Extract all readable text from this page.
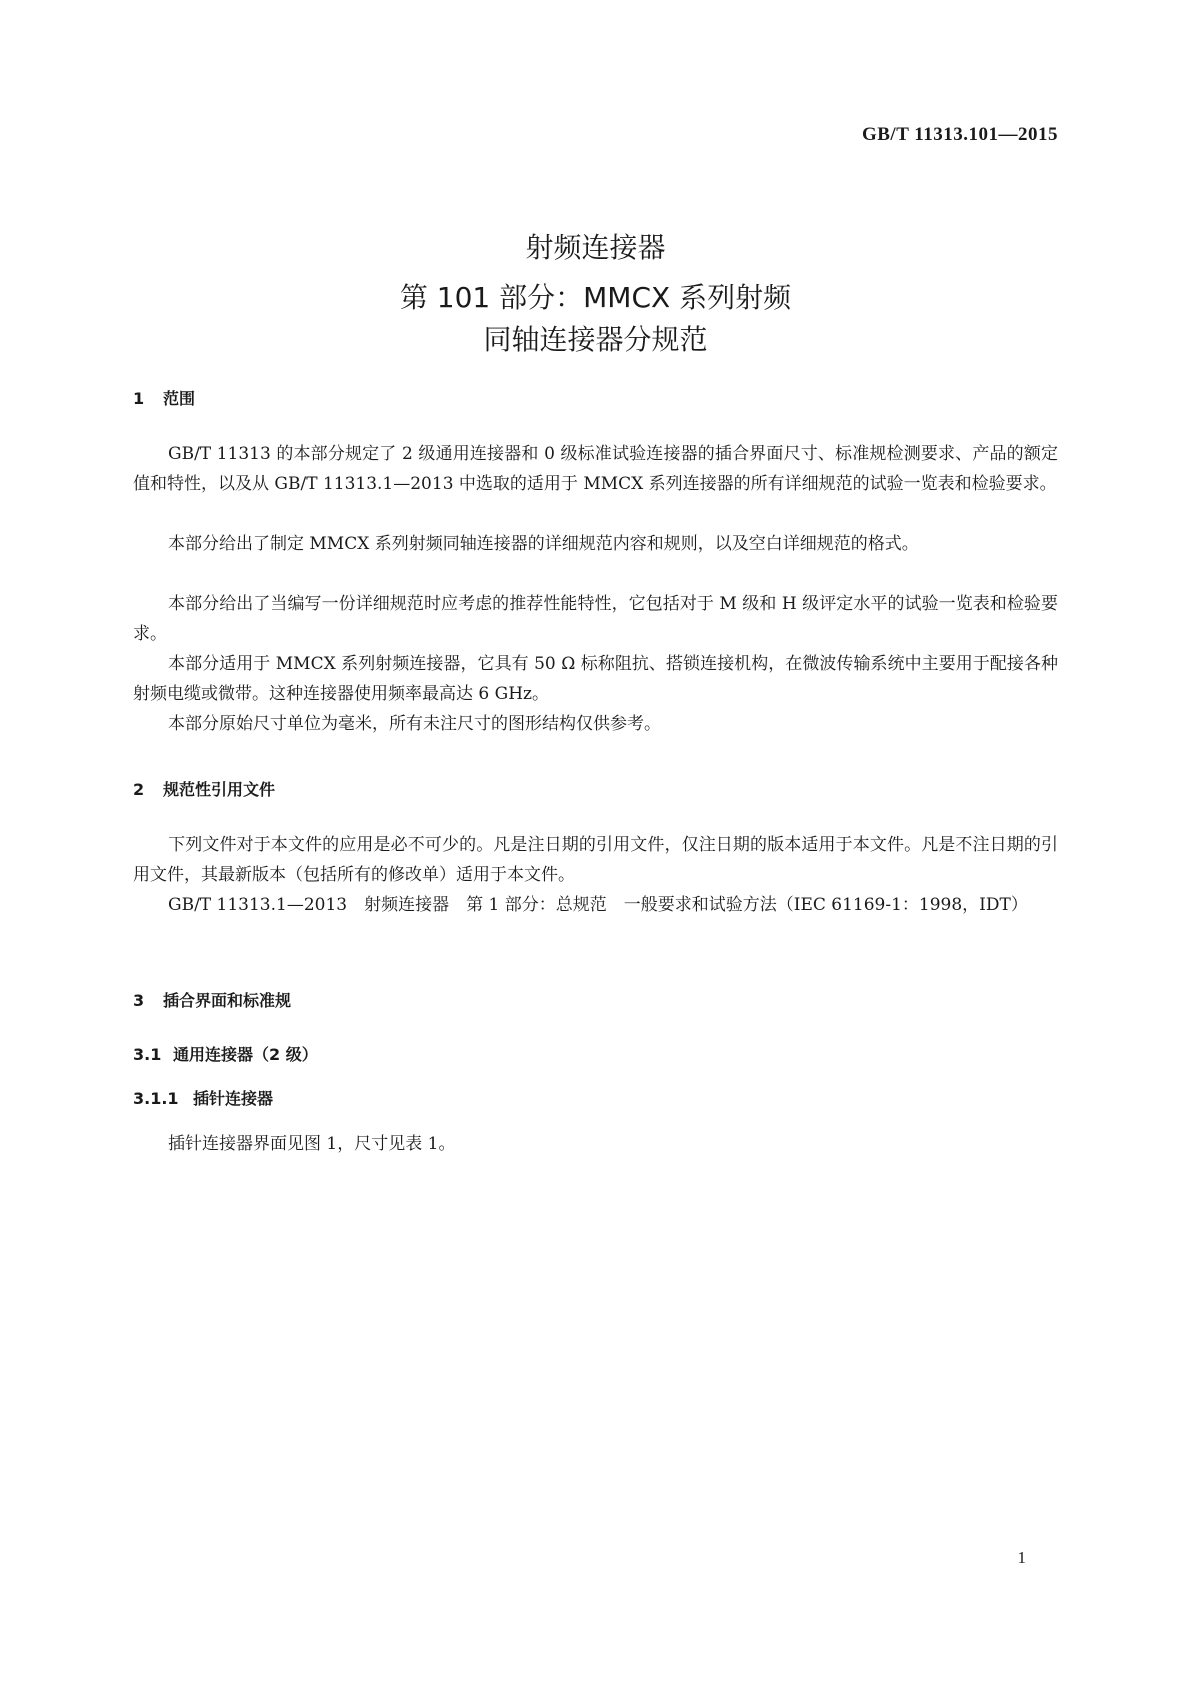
GB/T 11313.101—2015
射频连接器
第 101 部分：MMCX 系列射频
同轴连接器分规范
1 范围
GB/T 11313 的本部分规定了 2 级通用连接器和 0 级标准试验连接器的插合界面尺寸、标准规检测要求、产品的额定值和特性，以及从 GB/T 11313.1—2013 中选取的适用于 MMCX 系列连接器的所有详细规范的试验一览表和检验要求。
本部分给出了制定 MMCX 系列射频同轴连接器的详细规范内容和规则，以及空白详细规范的格式。
本部分给出了当编写一份详细规范时应考虑的推荐性能特性，它包括对于 M 级和 H 级评定水平的试验一览表和检验要求。
本部分适用于 MMCX 系列射频连接器，它具有 50 Ω 标称阻抗、搭锁连接机构，在微波传输系统中主要用于配接各种射频电缆或微带。这种连接器使用频率最高达 6 GHz。
本部分原始尺寸单位为毫米，所有未注尺寸的图形结构仅供参考。
2 规范性引用文件
下列文件对于本文件的应用是必不可少的。凡是注日期的引用文件，仅注日期的版本适用于本文件。凡是不注日期的引用文件，其最新版本（包括所有的修改单）适用于本文件。
GB/T 11313.1—2013　射频连接器　第 1 部分：总规范　一般要求和试验方法（IEC 61169-1：1998，IDT）
3 插合界面和标准规
3.1 通用连接器（2 级）
3.1.1 插针连接器
插针连接器界面见图 1，尺寸见表 1。
1
